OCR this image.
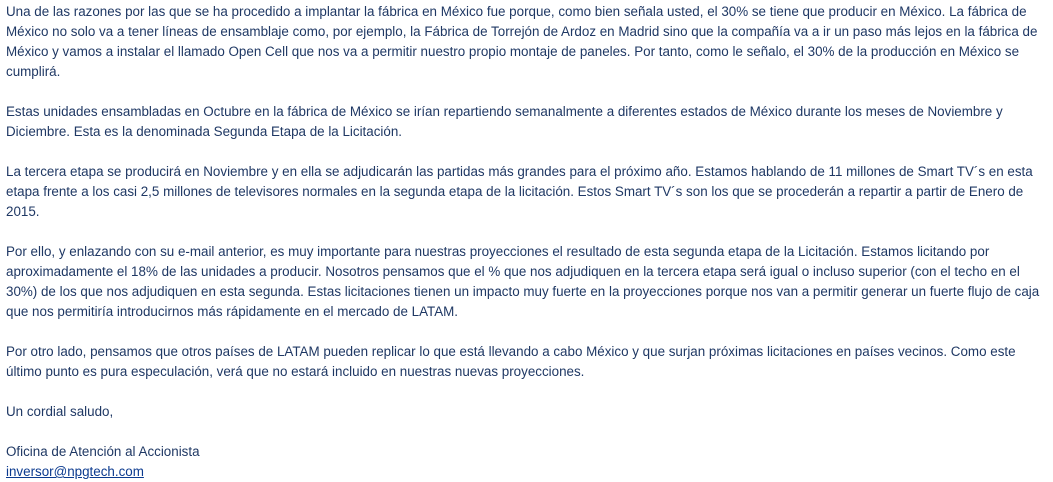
Una de las razones por las que se ha procedido a implantar la fábrica en México fue porque, como bien señala usted, el 30% se tiene que producir en México. La fábrica de México no solo va a tener líneas de ensamblaje como, por ejemplo, la Fábrica de Torrejón de Ardoz en Madrid sino que la compañía va a ir un paso más lejos en la fábrica de México y vamos a instalar el llamado Open Cell que nos va a permitir nuestro propio montaje de paneles. Por tanto, como le señalo, el 30% de la producción en México se cumplirá.

Estas unidades ensambladas en Octubre en la fábrica de México se irían repartiendo semanalmente a diferentes estados de México durante los meses de Noviembre y Diciembre. Esta es la denominada Segunda Etapa de la Licitación.

La tercera etapa se producirá en Noviembre y en ella se adjudicarán las partidas más grandes para el próximo año. Estamos hablando de 11 millones de Smart TV´s en esta etapa frente a los casi 2,5 millones de televisores normales en la segunda etapa de la licitación. Estos Smart TV´s son los que se procederán a repartir a partir de Enero de 2015.

Por ello, y enlazando con su e-mail anterior, es muy importante para nuestras proyecciones el resultado de esta segunda etapa de la Licitación. Estamos licitando por aproximadamente el 18% de las unidades a producir. Nosotros pensamos que el % que nos adjudiquen en la tercera etapa será igual o incluso superior (con el techo en el 30%) de los que nos adjudiquen en esta segunda. Estas licitaciones tienen un impacto muy fuerte en la proyecciones porque nos van a permitir generar un fuerte flujo de caja que nos permitiría introducirnos más rápidamente en el mercado de LATAM.

Por otro lado, pensamos que otros países de LATAM pueden replicar lo que está llevando a cabo México y que surjan próximas licitaciones en países vecinos. Como este último punto es pura especulación, verá que no estará incluido en nuestras nuevas proyecciones.

Un cordial saludo,

Oficina de Atención al Accionista
inversor@npgtech.com
